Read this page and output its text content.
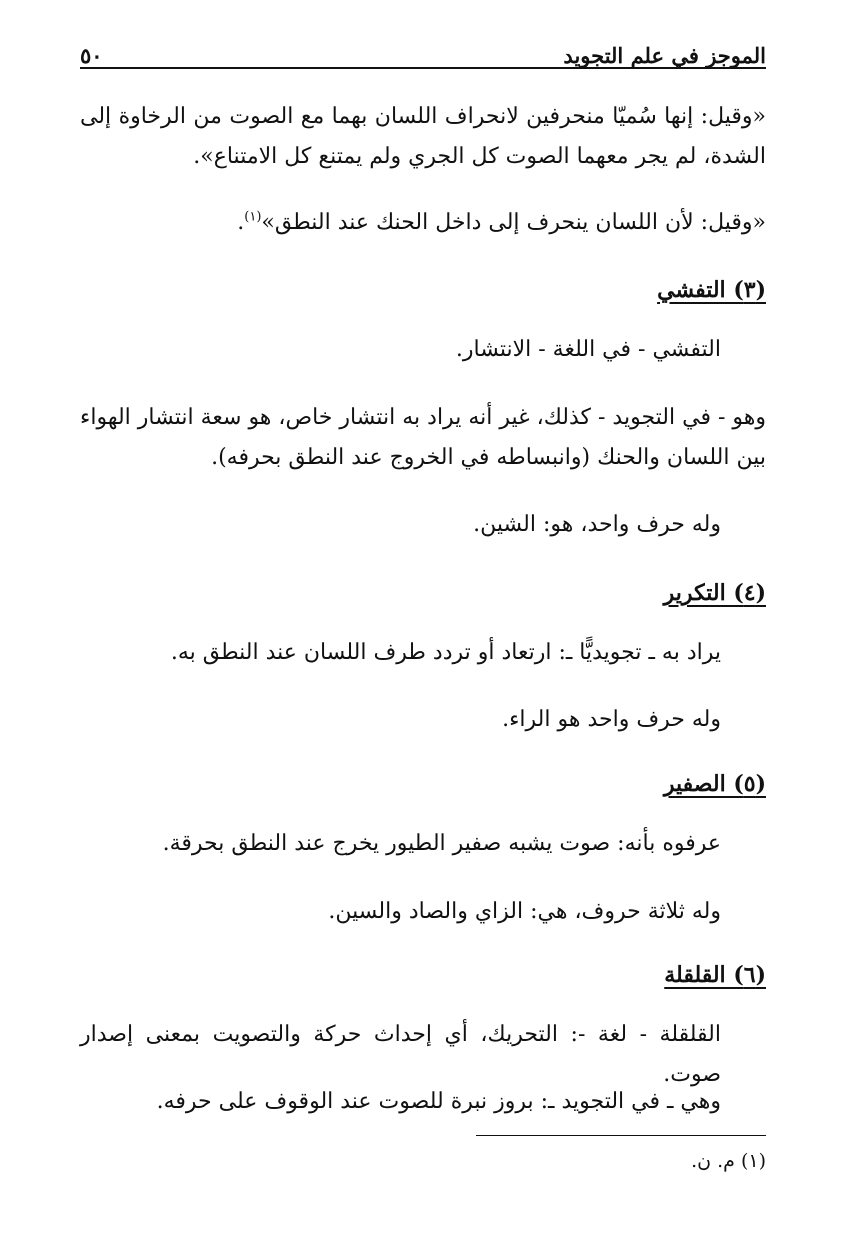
الموجز في علم التجويد
٥٠
«وقيل: إنها سُميّا منحرفين لانحراف اللسان بهما مع الصوت من الرخاوة إلى الشدة، لم يجر معهما الصوت كل الجري ولم يمتنع كل الامتناع».
«وقيل: لأن اللسان ينحرف إلى داخل الحنك عند النطق»$^{(١)}$.
(٣) التفشي
التفشي - في اللغة - الانتشار.
وهو - في التجويد - كذلك، غير أنه يراد به انتشار خاص، هو سعة انتشار الهواء بين اللسان والحنك (وانبساطه في الخروج عند النطق بحرفه).
وله حرف واحد، هو: الشين.
(٤) التكرير
يراد به ـ تجويديًّا ـ: ارتعاد أو تردد طرف اللسان عند النطق به.
وله حرف واحد هو الراء.
(٥) الصفير
عرفوه بأنه: صوت يشبه صفير الطيور يخرج عند النطق بحرقة.
وله ثلاثة حروف، هي: الزاي والصاد والسين.
(٦) القلقلة
القلقلة - لغة -: التحريك، أي إحداث حركة والتصويت بمعنى إصدار صوت.
وهي ـ في التجويد ـ: بروز نبرة للصوت عند الوقوف على حرفه.
(١) م. ن.
